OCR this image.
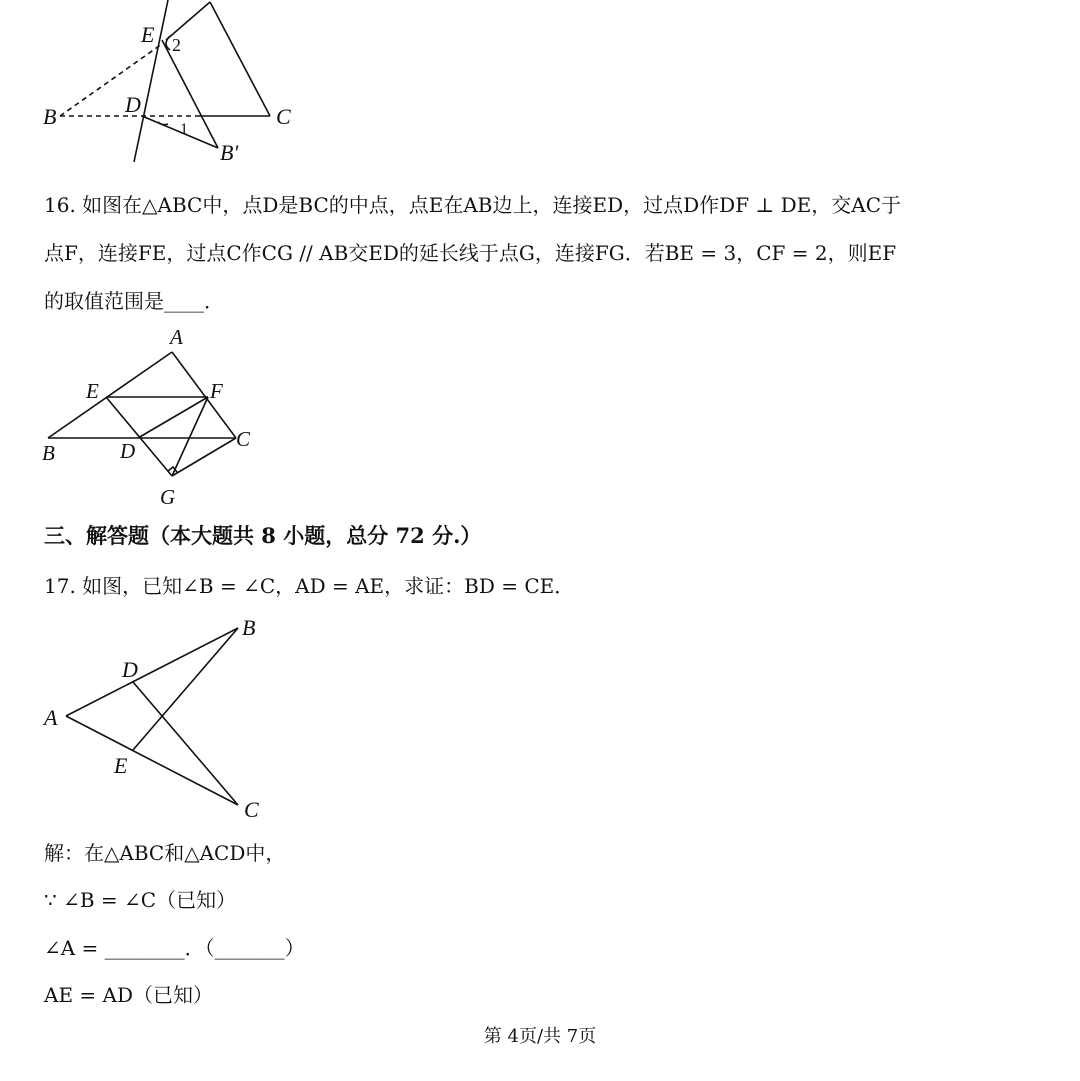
E 2
B	D
1
C
B′
16. 如图在△ABC中，点D是BC的中点，点E在AB边上，连接ED，过点D作DF ⊥ DE，交AC于
点F，连接FE，过点C作CG // AB交ED的延长线于点G，连接FG．若BE = 3，CF = 2，则EF
的取值范围是____．
A
E	F
B	D	C
G
三、解答题（本大题共 8 小题，总分 72 分.）
17. 如图，已知∠B = ∠C，AD = AE，求证：BD = CE．
B
D
A
E
C
解：在△ABC和△ACD中，
∵ ∠B = ∠C（已知）
∠A = ________．（_______）
AE = AD（已知）
第 4页/共 7页
